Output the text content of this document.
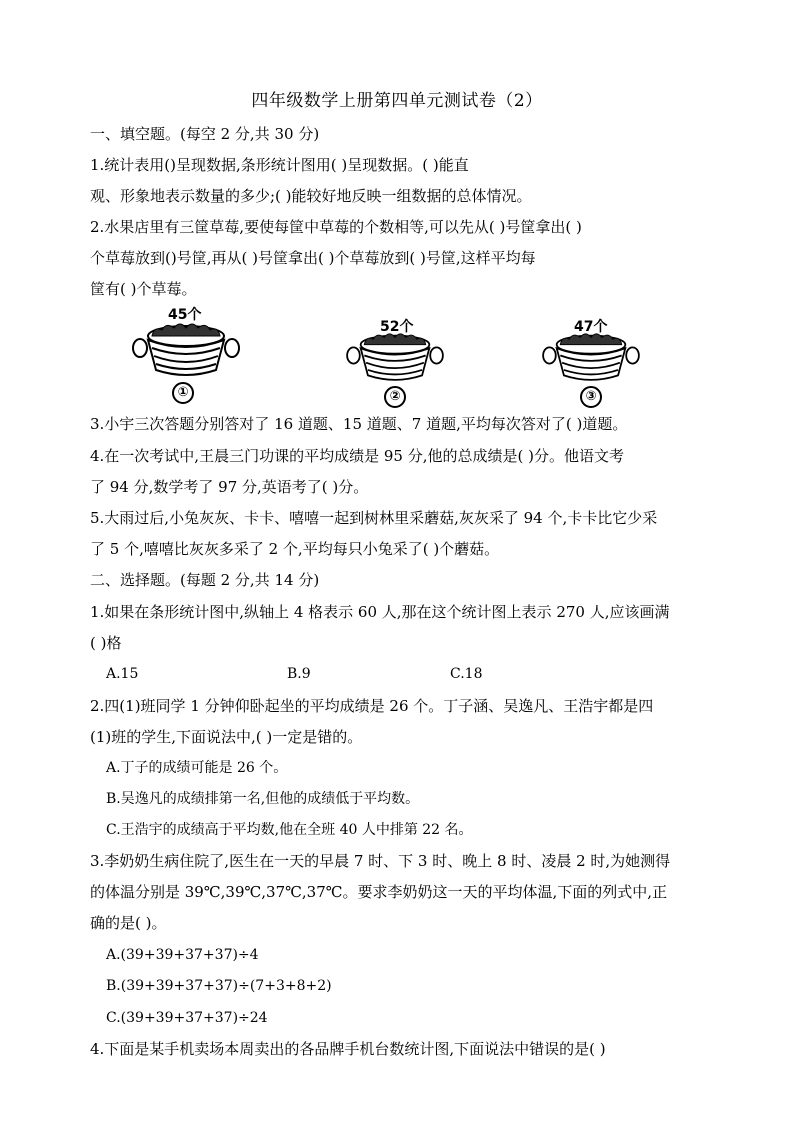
四年级数学上册第四单元测试卷（2）
一、填空题。(每空 2 分,共 30 分)
1.统计表用()呈现数据,条形统计图用( )呈现数据。( )能直
观、形象地表示数量的多少;( )能较好地反映一组数据的总体情况。
2.水果店里有三筐草莓,要使每筐中草莓的个数相等,可以先从( )号筐拿出( )
个草莓放到()号筐,再从( )号筐拿出( )个草莓放到( )号筐,这样平均每
筐有( )个草莓。
45个
①
52个
②
47个
③
3.小宇三次答题分别答对了 16 道题、15 道题、7 道题,平均每次答对了( )道题。
4.在一次考试中,王晨三门功课的平均成绩是 95 分,他的总成绩是( )分。他语文考
了 94 分,数学考了 97 分,英语考了( )分。
5.大雨过后,小兔灰灰、卡卡、嘻嘻一起到树林里采蘑菇,灰灰采了 94 个,卡卡比它少采
了 5 个,嘻嘻比灰灰多采了 2 个,平均每只小兔采了( )个蘑菇。
二、选择题。(每题 2 分,共 14 分)
1.如果在条形统计图中,纵轴上 4 格表示 60 人,那在这个统计图上表示 270 人,应该画满
( )格
A.15	B.9	C.18
2.四(1)班同学 1 分钟仰卧起坐的平均成绩是 26 个。丁子涵、吴逸凡、王浩宇都是四
(1)班的学生,下面说法中,( )一定是错的。
A.丁子的成绩可能是 26 个。
B.吴逸凡的成绩排第一名,但他的成绩低于平均数。
C.王浩宇的成绩高于平均数,他在全班 40 人中排第 22 名。
3.李奶奶生病住院了,医生在一天的早晨 7 时、下 3 时、晚上 8 时、凌晨 2 时,为她测得
的体温分别是 39℃,39℃,37℃,37℃。要求李奶奶这一天的平均体温,下面的列式中,正
确的是( )。
A.(39+39+37+37)÷4
B.(39+39+37+37)÷(7+3+8+2)
C.(39+39+37+37)÷24
4.下面是某手机卖场本周卖出的各品牌手机台数统计图,下面说法中错误的是( )
